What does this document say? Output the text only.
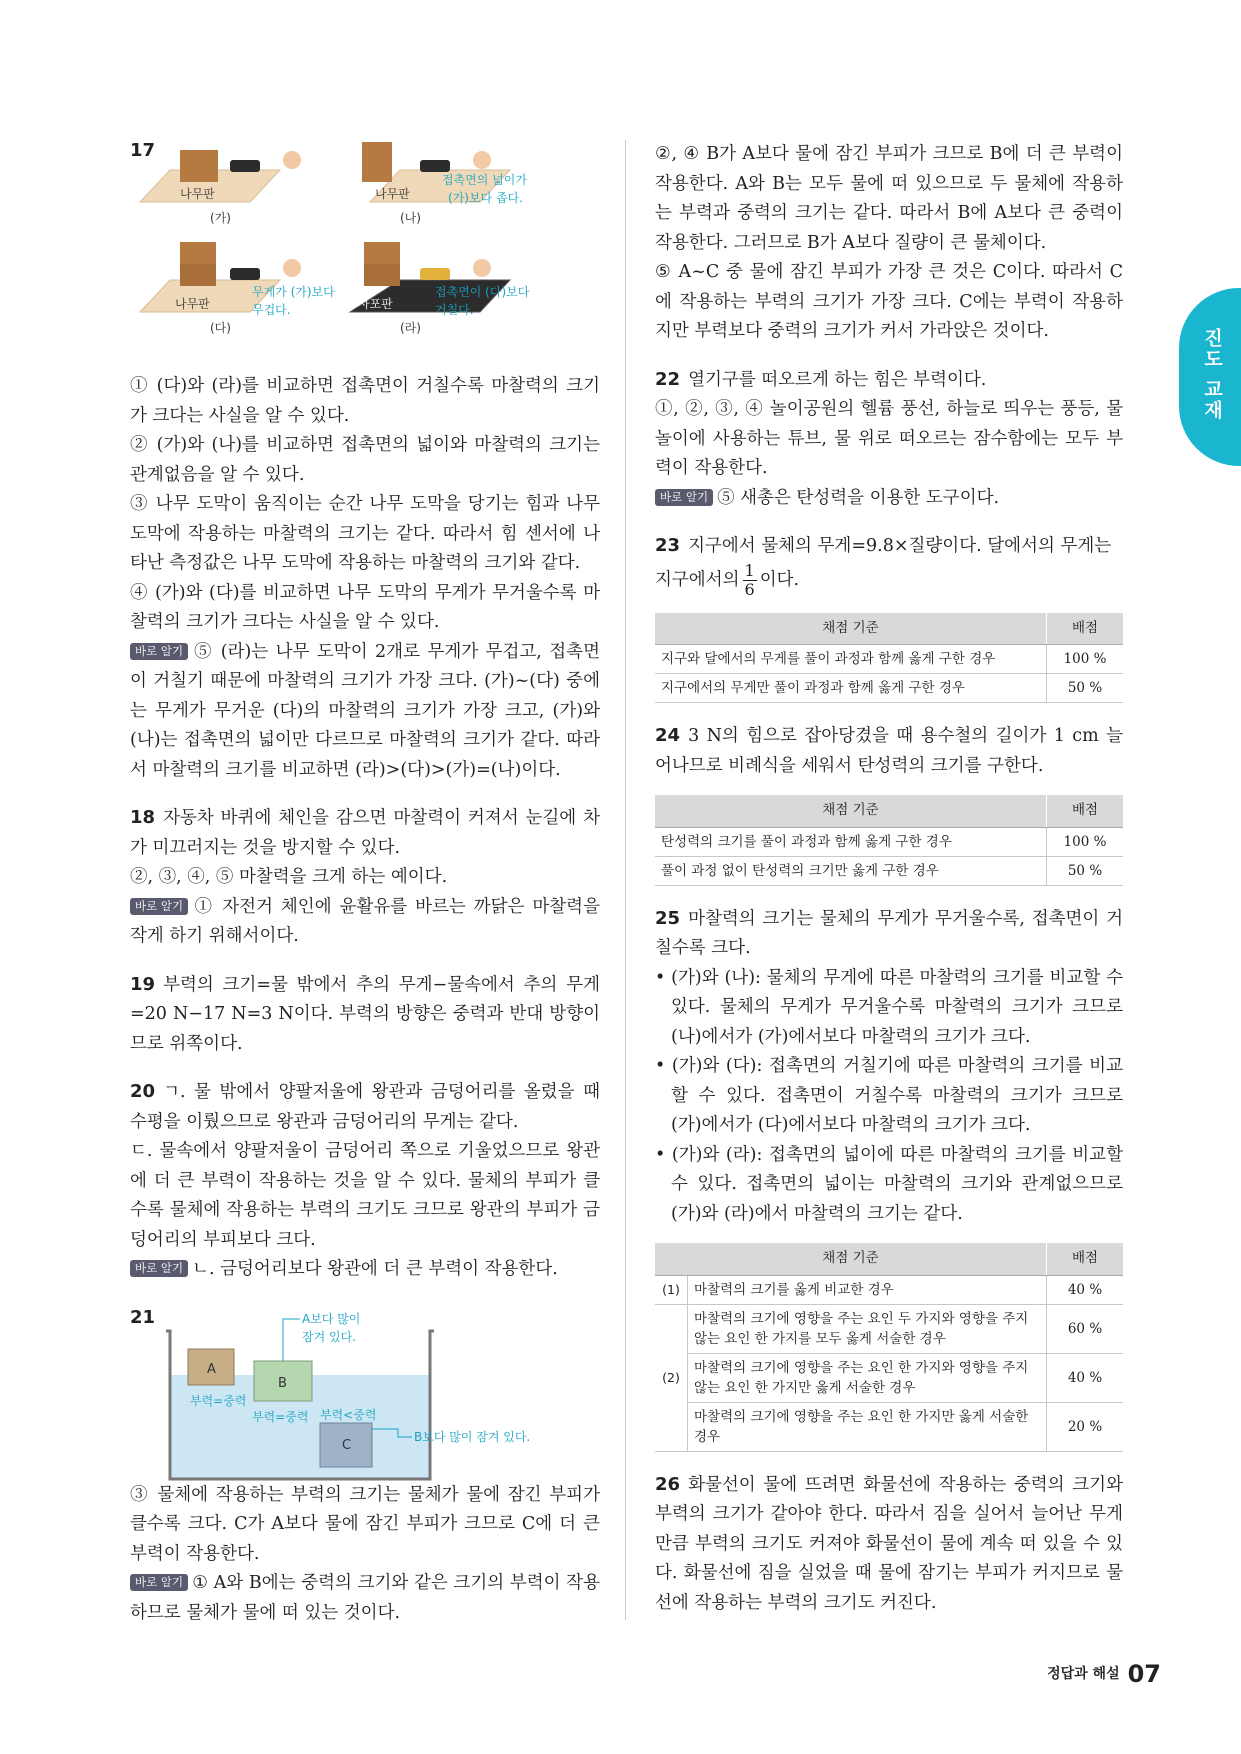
진도 교재
17
나무판
(가)
나무판
접촉면의 넓이가
(가)보다 좁다.
(나)
나무판
무게가 (가)보다
무겁다.
(다)
사포판
접촉면이 (다)보다
거칠다.
(라)

① (다)와 (라)를 비교하면 접촉면이 거칠수록 마찰력의 크기가 크다는 사실을 알 수 있다.

② (가)와 (나)를 비교하면 접촉면의 넓이와 마찰력의 크기는 관계없음을 알 수 있다.

③ 나무 도막이 움직이는 순간 나무 도막을 당기는 힘과 나무 도막에 작용하는 마찰력의 크기는 같다. 따라서 힘 센서에 나타난 측정값은 나무 도막에 작용하는 마찰력의 크기와 같다.

④ (가)와 (다)를 비교하면 나무 도막의 무게가 무거울수록 마찰력의 크기가 크다는 사실을 알 수 있다.

바로 알기 ⑤ (라)는 나무 도막이 2개로 무게가 무겁고, 접촉면이 거칠기 때문에 마찰력의 크기가 가장 크다. (가)~(다) 중에는 무게가 무거운 (다)의 마찰력의 크기가 가장 크고, (가)와 (나)는 접촉면의 넓이만 다르므로 마찰력의 크기가 같다. 따라서 마찰력의 크기를 비교하면 (라)>(다)>(가)=(나)이다.

18 자동차 바퀴에 체인을 감으면 마찰력이 커져서 눈길에 차가 미끄러지는 것을 방지할 수 있다.

②, ③, ④, ⑤ 마찰력을 크게 하는 예이다.

바로 알기 ① 자전거 체인에 윤활유를 바르는 까닭은 마찰력을 작게 하기 위해서이다.

19 부력의 크기=물 밖에서 추의 무게−물속에서 추의 무게=20 N−17 N=3 N이다. 부력의 방향은 중력과 반대 방향이므로 위쪽이다.

20 ㄱ. 물 밖에서 양팔저울에 왕관과 금덩어리를 올렸을 때 수평을 이뤘으므로 왕관과 금덩어리의 무게는 같다.

ㄷ. 물속에서 양팔저울이 금덩어리 쪽으로 기울었으므로 왕관에 더 큰 부력이 작용하는 것을 알 수 있다. 물체의 부피가 클수록 물체에 작용하는 부력의 크기도 크므로 왕관의 부피가 금덩어리의 부피보다 크다.

바로 알기 ㄴ. 금덩어리보다 왕관에 더 큰 부력이 작용한다.

21
A
B
C
A보다 많이
잠겨 있다.
부력=중력
부력=중력 부력<중력
B보다 많이 잠겨 있다.

③ 물체에 작용하는 부력의 크기는 물체가 물에 잠긴 부피가 클수록 크다. C가 A보다 물에 잠긴 부피가 크므로 C에 더 큰 부력이 작용한다.

바로 알기 ① A와 B에는 중력의 크기와 같은 크기의 부력이 작용하므로 물체가 물에 떠 있는 것이다.

②, ④ B가 A보다 물에 잠긴 부피가 크므로 B에 더 큰 부력이 작용한다. A와 B는 모두 물에 떠 있으므로 두 물체에 작용하는 부력과 중력의 크기는 같다. 따라서 B에 A보다 큰 중력이 작용한다. 그러므로 B가 A보다 질량이 큰 물체이다.

⑤ A~C 중 물에 잠긴 부피가 가장 큰 것은 C이다. 따라서 C에 작용하는 부력의 크기가 가장 크다. C에는 부력이 작용하지만 부력보다 중력의 크기가 커서 가라앉은 것이다.

22 열기구를 떠오르게 하는 힘은 부력이다.

①, ②, ③, ④ 놀이공원의 헬륨 풍선, 하늘로 띄우는 풍등, 물놀이에 사용하는 튜브, 물 위로 떠오르는 잠수함에는 모두 부력이 작용한다.

바로 알기 ⑤ 새총은 탄성력을 이용한 도구이다.

23 지구에서 물체의 무게=9.8×질량이다. 달에서의 무게는

지구에서의 $\frac{1}{6}$ 이다.

채점 기준	배점
지구와 달에서의 무게를 풀이 과정과 함께 옳게 구한 경우	100 %
지구에서의 무게만 풀이 과정과 함께 옳게 구한 경우	50 %

24 3 N의 힘으로 잡아당겼을 때 용수철의 길이가 1 cm 늘어나므로 비례식을 세워서 탄성력의 크기를 구한다.

채점 기준	배점
탄성력의 크기를 풀이 과정과 함께 옳게 구한 경우	100 %
풀이 과정 없이 탄성력의 크기만 옳게 구한 경우	50 %

25 마찰력의 크기는 물체의 무게가 무거울수록, 접촉면이 거칠수록 크다.

• (가)와 (나): 물체의 무게에 따른 마찰력의 크기를 비교할 수 있다. 물체의 무게가 무거울수록 마찰력의 크기가 크므로 (나)에서가 (가)에서보다 마찰력의 크기가 크다.

• (가)와 (다): 접촉면의 거칠기에 따른 마찰력의 크기를 비교할 수 있다. 접촉면이 거칠수록 마찰력의 크기가 크므로 (가)에서가 (다)에서보다 마찰력의 크기가 크다.

• (가)와 (라): 접촉면의 넓이에 따른 마찰력의 크기를 비교할 수 있다. 접촉면의 넓이는 마찰력의 크기와 관계없으므로 (가)와 (라)에서 마찰력의 크기는 같다.

채점 기준		배점
(1)	마찰력의 크기를 옳게 비교한 경우	40 %
(2)	마찰력의 크기에 영향을 주는 요인 두 가지와 영향을 주지 않는 요인 한 가지를 모두 옳게 서술한 경우	60 %
	마찰력의 크기에 영향을 주는 요인 한 가지와 영향을 주지 않는 요인 한 가지만 옳게 서술한 경우	40 %
	마찰력의 크기에 영향을 주는 요인 한 가지만 옳게 서술한 경우	20 %

26 화물선이 물에 뜨려면 화물선에 작용하는 중력의 크기와 부력의 크기가 같아야 한다. 따라서 짐을 실어서 늘어난 무게만큼 부력의 크기도 커져야 화물선이 물에 계속 떠 있을 수 있다. 화물선에 짐을 실었을 때 물에 잠기는 부피가 커지므로 물선에 작용하는 부력의 크기도 커진다.

정답과 해설 07
